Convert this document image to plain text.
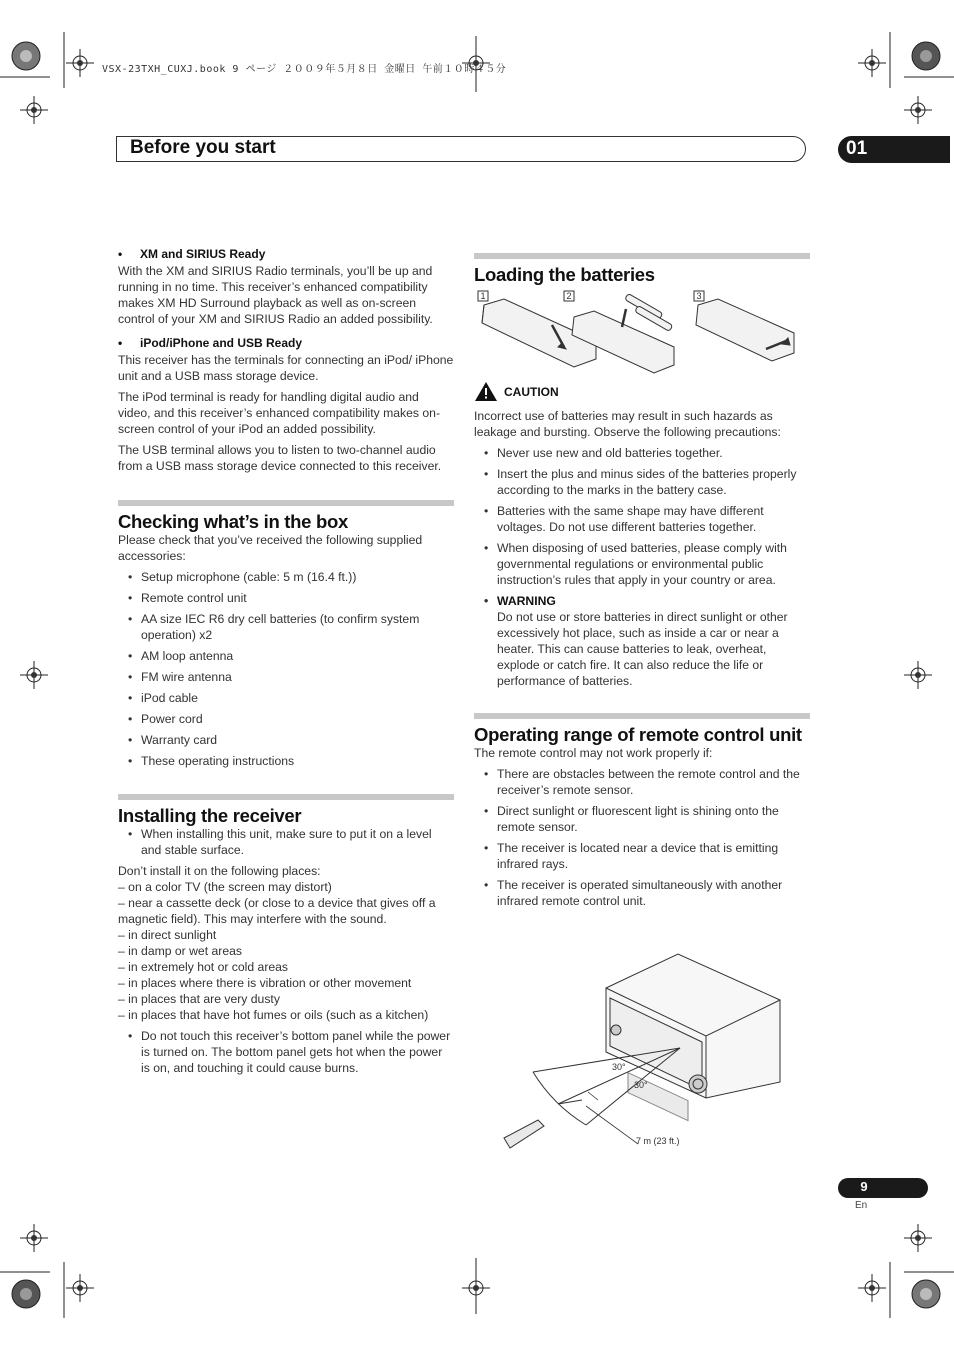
VSX-23TXH_CUXJ.book 9 ページ ２００９年５月８日 金曜日 午前１０時４５分
Before you start	01
• XM and SIRIUS Ready

With the XM and SIRIUS Radio terminals, you’ll be up and running in no time. This receiver’s enhanced compatibility makes XM HD Surround playback as well as on-screen control of your XM and SIRIUS Radio an added possibility.

• iPod/iPhone and USB Ready

This receiver has the terminals for connecting an iPod/ iPhone unit and a USB mass storage device.

The iPod terminal is ready for handling digital audio and video, and this receiver’s enhanced compatibility makes on-screen control of your iPod an added possibility.

The USB terminal allows you to listen to two-channel audio from a USB mass storage device connected to this receiver.

Checking what’s in the box

Please check that you’ve received the following supplied accessories:

• Setup microphone (cable: 5 m (16.4 ft.))
• Remote control unit
• AA size IEC R6 dry cell batteries (to confirm system operation) x2
• AM loop antenna
• FM wire antenna
• iPod cable
• Power cord
• Warranty card
• These operating instructions
Installing the receiver
• When installing this unit, make sure to put it on a level and stable surface.
Don’t install it on the following places:
– on a color TV (the screen may distort)
– near a cassette deck (or close to a device that gives off a magnetic field). This may interfere with the sound.
– in direct sunlight
– in damp or wet areas
– in extremely hot or cold areas
– in places where there is vibration or other movement
– in places that are very dusty
– in places that have hot fumes or oils (such as a kitchen)
• Do not touch this receiver’s bottom panel while the power is turned on. The bottom panel gets hot when the power is on, and touching it could cause burns.
Loading the batteries
1	2	3
CAUTION

Incorrect use of batteries may result in such hazards as leakage and bursting. Observe the following precautions:

• Never use new and old batteries together.
• Insert the plus and minus sides of the batteries properly according to the marks in the battery case.
• Batteries with the same shape may have different voltages. Do not use different batteries together.
• When disposing of used batteries, please comply with governmental regulations or environmental public instruction’s rules that apply in your country or area.
• WARNING
Do not use or store batteries in direct sunlight or other excessively hot place, such as inside a car or near a heater. This can cause batteries to leak, overheat, explode or catch fire. It can also reduce the life or performance of batteries.
Operating range of remote control unit

The remote control may not work properly if:

• There are obstacles between the remote control and the receiver’s remote sensor.
• Direct sunlight or fluorescent light is shining onto the remote sensor.
• The receiver is located near a device that is emitting infrared rays.
• The receiver is operated simultaneously with another infrared remote control unit.
30°
30°
7 m (23 ft.)
9
En
